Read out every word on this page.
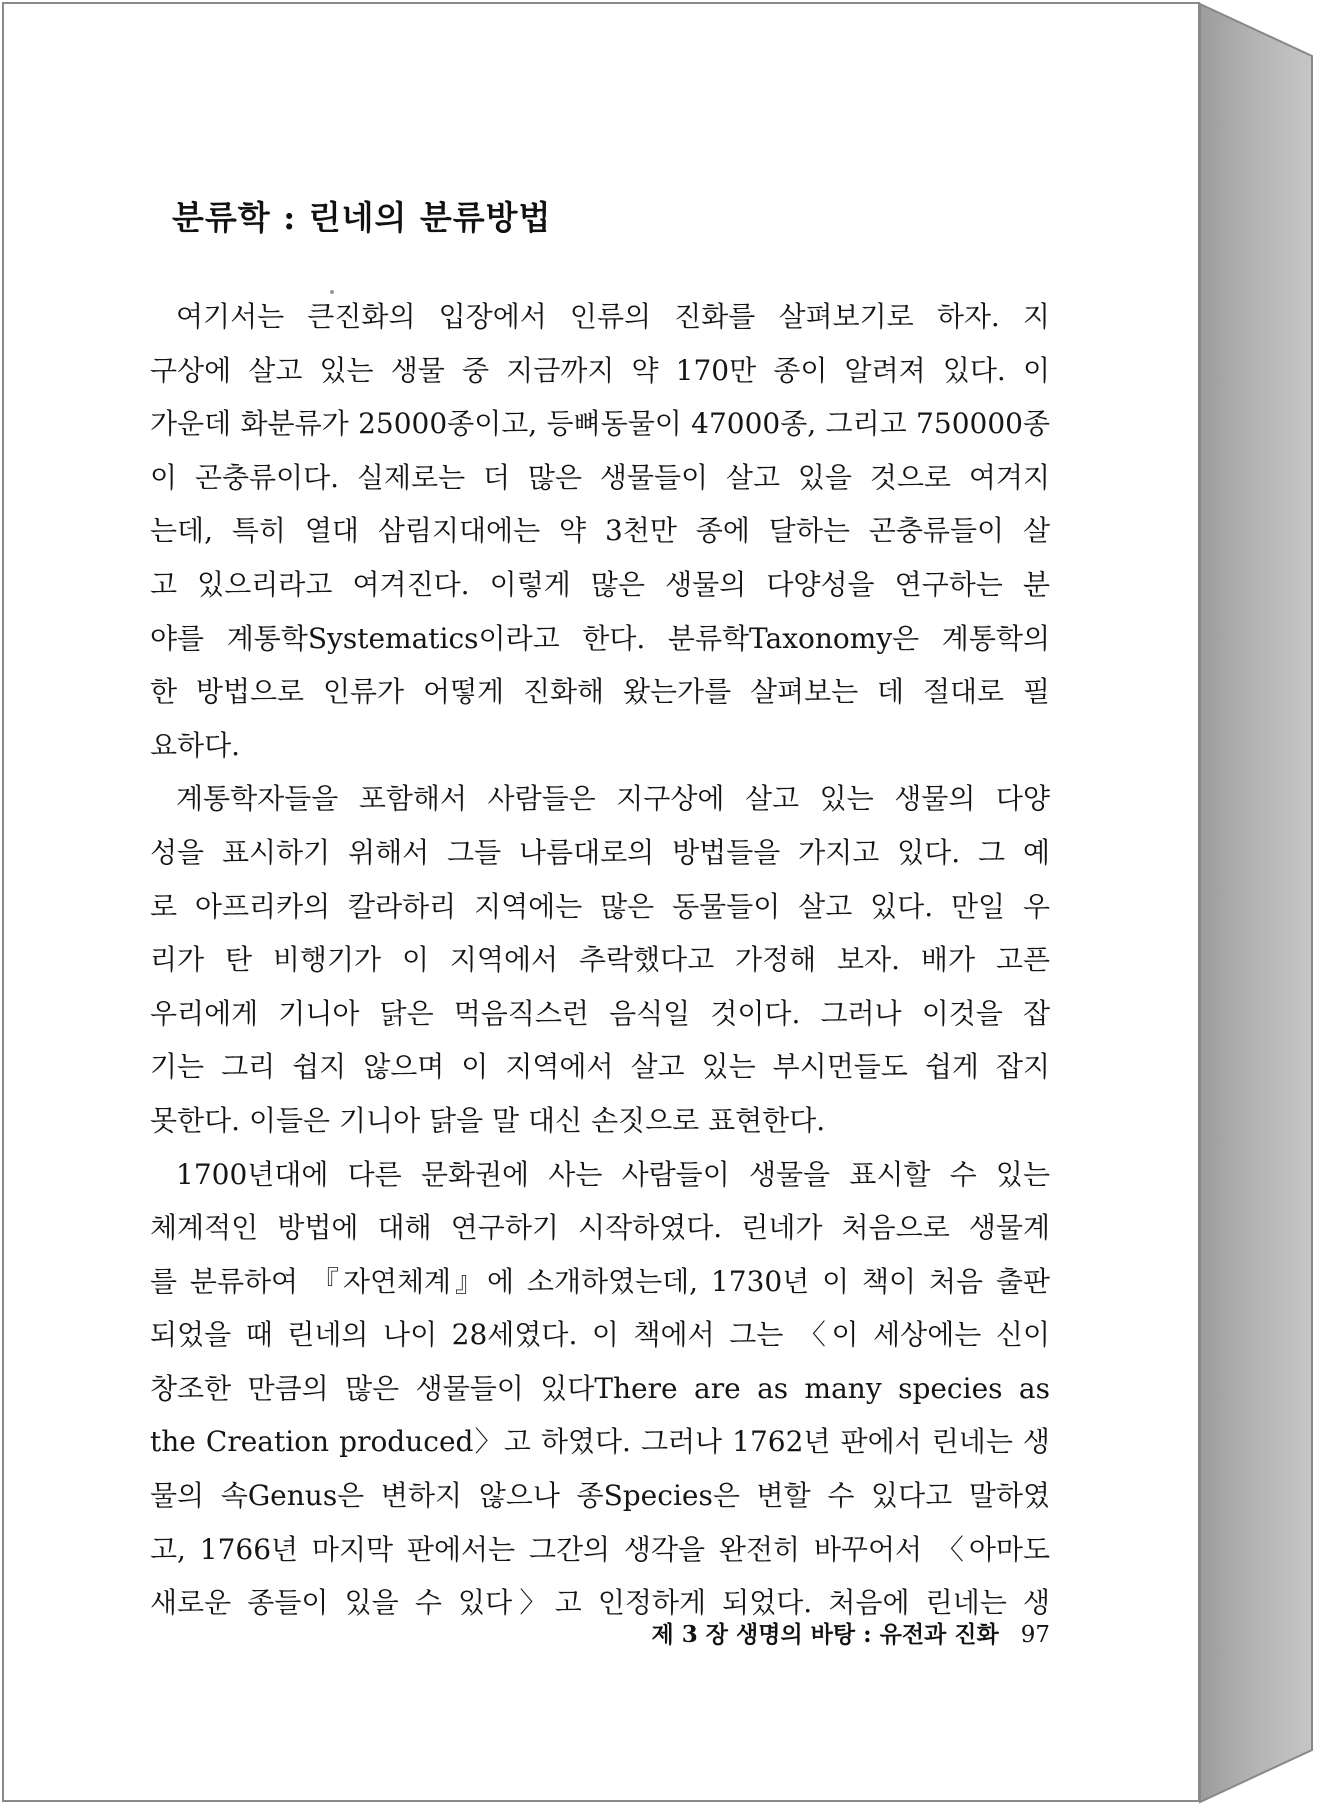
분류학 : 린네의 분류방법
여기서는 큰진화의 입장에서 인류의 진화를 살펴보기로 하자. 지
구상에 살고 있는 생물 중 지금까지 약 170만 종이 알려져 있다. 이
가운데 화분류가 25000종이고, 등뼈동물이 47000종, 그리고 750000종
이 곤충류이다. 실제로는 더 많은 생물들이 살고 있을 것으로 여겨지
는데, 특히 열대 삼림지대에는 약 3천만 종에 달하는 곤충류들이 살
고 있으리라고 여겨진다. 이렇게 많은 생물의 다양성을 연구하는 분
야를 계통학Systematics이라고 한다. 분류학Taxonomy은 계통학의
한 방법으로 인류가 어떻게 진화해 왔는가를 살펴보는 데 절대로 필
요하다.
계통학자들을 포함해서 사람들은 지구상에 살고 있는 생물의 다양
성을 표시하기 위해서 그들 나름대로의 방법들을 가지고 있다. 그 예
로 아프리카의 칼라하리 지역에는 많은 동물들이 살고 있다. 만일 우
리가 탄 비행기가 이 지역에서 추락했다고 가정해 보자. 배가 고픈
우리에게 기니아 닭은 먹음직스런 음식일 것이다. 그러나 이것을 잡
기는 그리 쉽지 않으며 이 지역에서 살고 있는 부시먼들도 쉽게 잡지
못한다. 이들은 기니아 닭을 말 대신 손짓으로 표현한다.
1700년대에 다른 문화권에 사는 사람들이 생물을 표시할 수 있는
체계적인 방법에 대해 연구하기 시작하였다. 린네가 처음으로 생물계
를 분류하여 『자연체계』에 소개하였는데, 1730년 이 책이 처음 출판
되었을 때 린네의 나이 28세였다. 이 책에서 그는 〈이 세상에는 신이
창조한 만큼의 많은 생물들이 있다There are as many species as
the Creation produced〉고 하였다. 그러나 1762년 판에서 린네는 생
물의 속Genus은 변하지 않으나 종Species은 변할 수 있다고 말하였
고, 1766년 마지막 판에서는 그간의 생각을 완전히 바꾸어서 〈아마도
새로운 종들이 있을 수 있다〉고 인정하게 되었다. 처음에 린네는 생
제 3 장 생명의 바탕 : 유전과 진화 97
